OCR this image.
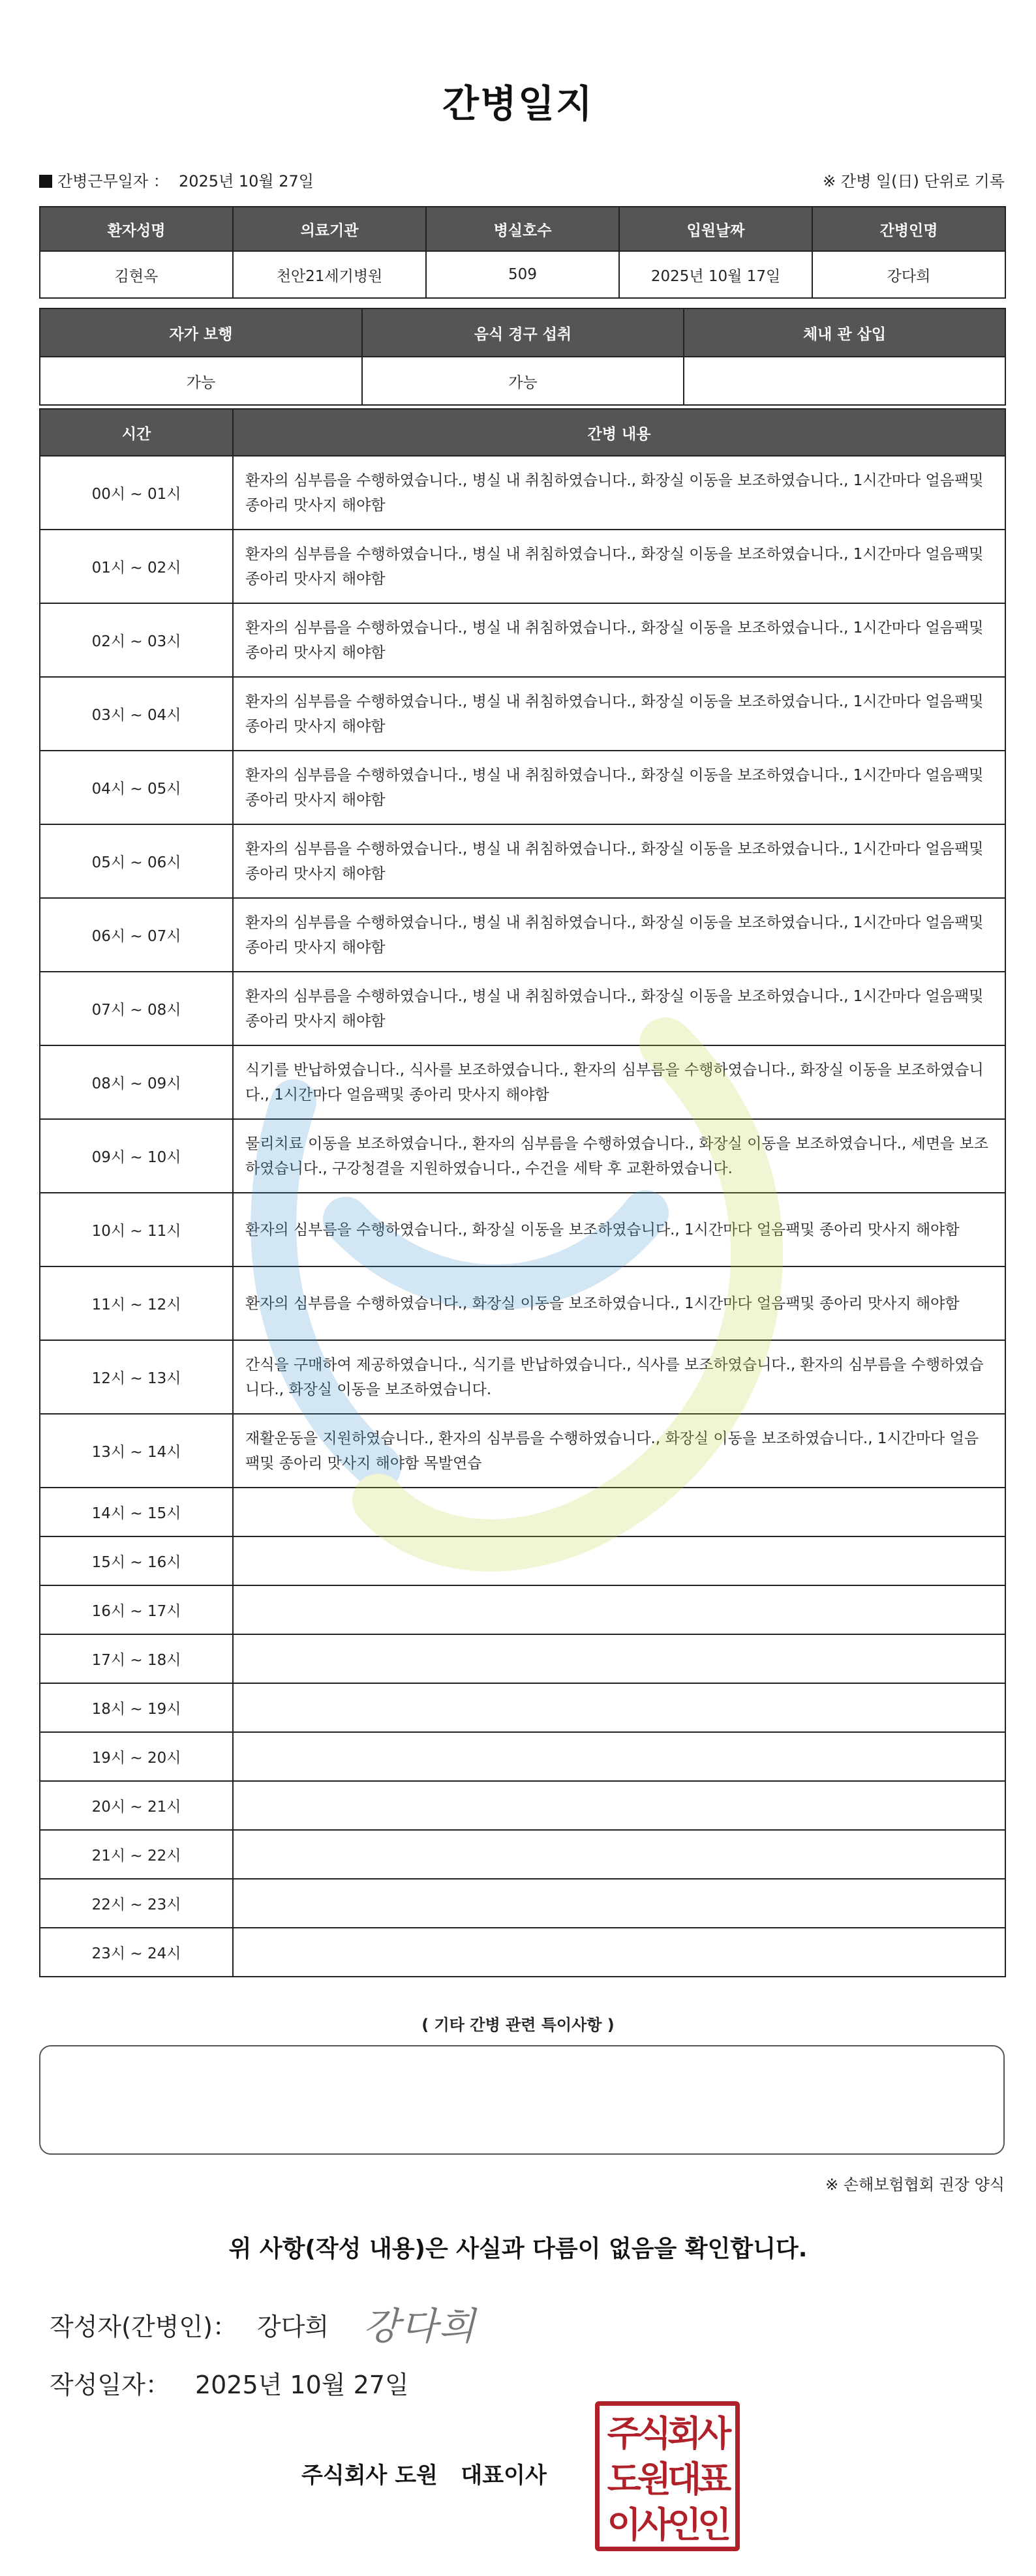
간병일지
간병근무일자 ： 2025년 10월 27일	※ 간병 일(日) 단위로 기록
환자성명	의료기관	병실호수	입원날짜	간병인명
김현옥	천안21세기병원	509	2025년 10월 17일	강다희
자가 보행	음식 경구 섭취	체내 관 삽입
가능	가능	
시간	간병 내용
00시 ~ 01시	환자의 심부름을 수행하였습니다., 병실 내 취침하였습니다., 화장실 이동을 보조하였습니다., 1시간마다 얼음팩및 종아리 맛사지 해야함
01시 ~ 02시	환자의 심부름을 수행하였습니다., 병실 내 취침하였습니다., 화장실 이동을 보조하였습니다., 1시간마다 얼음팩및 종아리 맛사지 해야함
02시 ~ 03시	환자의 심부름을 수행하였습니다., 병실 내 취침하였습니다., 화장실 이동을 보조하였습니다., 1시간마다 얼음팩및 종아리 맛사지 해야함
03시 ~ 04시	환자의 심부름을 수행하였습니다., 병실 내 취침하였습니다., 화장실 이동을 보조하였습니다., 1시간마다 얼음팩및 종아리 맛사지 해야함
04시 ~ 05시	환자의 심부름을 수행하였습니다., 병실 내 취침하였습니다., 화장실 이동을 보조하였습니다., 1시간마다 얼음팩및 종아리 맛사지 해야함
05시 ~ 06시	환자의 심부름을 수행하였습니다., 병실 내 취침하였습니다., 화장실 이동을 보조하였습니다., 1시간마다 얼음팩및 종아리 맛사지 해야함
06시 ~ 07시	환자의 심부름을 수행하였습니다., 병실 내 취침하였습니다., 화장실 이동을 보조하였습니다., 1시간마다 얼음팩및 종아리 맛사지 해야함
07시 ~ 08시	환자의 심부름을 수행하였습니다., 병실 내 취침하였습니다., 화장실 이동을 보조하였습니다., 1시간마다 얼음팩및 종아리 맛사지 해야함
08시 ~ 09시	식기를 반납하였습니다., 식사를 보조하였습니다., 환자의 심부름을 수행하였습니다., 화장실 이동을 보조하였습니다., 1시간마다 얼음팩및 종아리 맛사지 해야함
09시 ~ 10시	물리치료 이동을 보조하였습니다., 환자의 심부름을 수행하였습니다., 화장실 이동을 보조하였습니다., 세면을 보조하였습니다., 구강청결을 지원하였습니다., 수건을 세탁 후 교환하였습니다.
10시 ~ 11시	환자의 심부름을 수행하였습니다., 화장실 이동을 보조하였습니다., 1시간마다 얼음팩및 종아리 맛사지 해야함
11시 ~ 12시	환자의 심부름을 수행하였습니다., 화장실 이동을 보조하였습니다., 1시간마다 얼음팩및 종아리 맛사지 해야함
12시 ~ 13시	간식을 구매하여 제공하였습니다., 식기를 반납하였습니다., 식사를 보조하였습니다., 환자의 심부름을 수행하였습니다., 화장실 이동을 보조하였습니다.
13시 ~ 14시	재활운동을 지원하였습니다., 환자의 심부름을 수행하였습니다., 화장실 이동을 보조하였습니다., 1시간마다 얼음팩및 종아리 맛사지 해야함 목발연습
14시 ~ 15시	
15시 ~ 16시	
16시 ~ 17시	
17시 ~ 18시	
18시 ~ 19시	
19시 ~ 20시	
20시 ~ 21시	
21시 ~ 22시	
22시 ~ 23시	
23시 ~ 24시	
( 기타 간병 관련 특이사항 )
※ 손해보험협회 권장 양식
위 사항(작성 내용)은 사실과 다름이 없음을 확인합니다.
작성자(간병인)： 강다희 강다희
작성일자： 2025년 10월 27일
주식회사 도원   대표이사
주식회사
도원대표
이사인인
